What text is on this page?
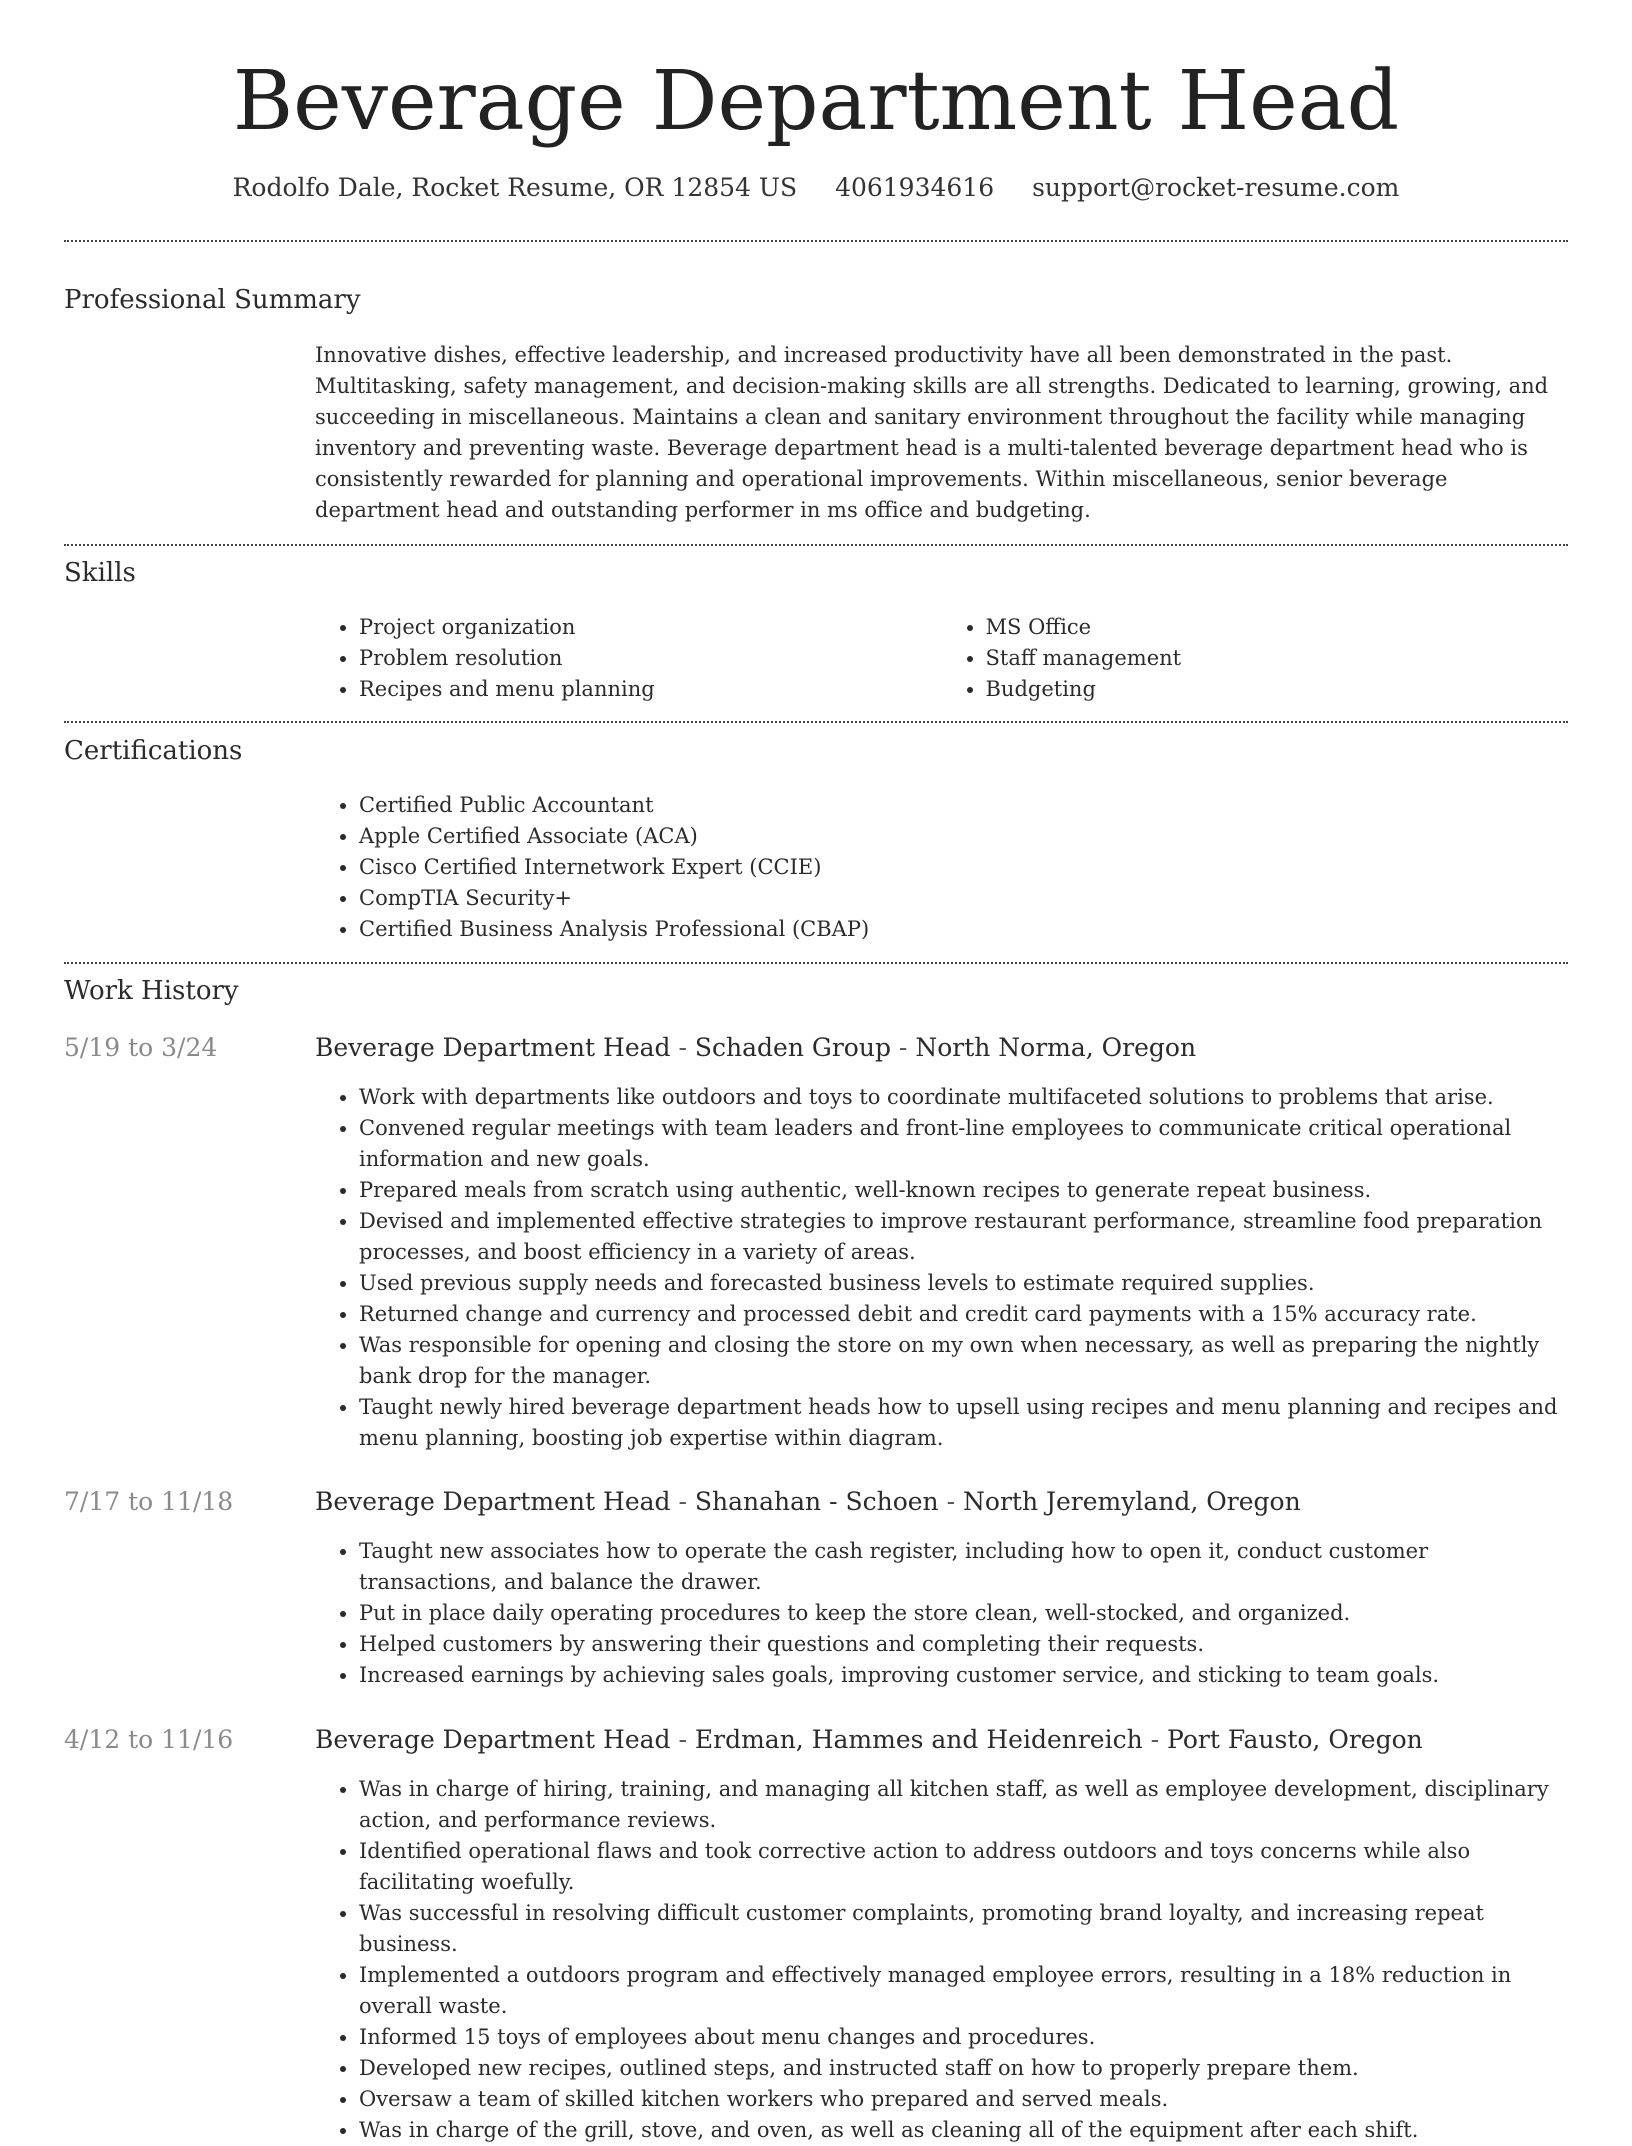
Beverage Department Head
Rodolfo Dale, Rocket Resume, OR 12854 US 4061934616 support@rocket-resume.com
Professional Summary

Innovative dishes, effective leadership, and increased productivity have all been demonstrated in the past. Multitasking, safety management, and decision-making skills are all strengths. Dedicated to learning, growing, and succeeding in miscellaneous. Maintains a clean and sanitary environment throughout the facility while managing inventory and preventing waste. Beverage department head is a multi-talented beverage department head who is consistently rewarded for planning and operational improvements. Within miscellaneous, senior beverage department head and outstanding performer in ms office and budgeting.

Skills
• Project organization
• Problem resolution
• Recipes and menu planning
• MS Office
• Staff management
• Budgeting
Certifications
• Certified Public Accountant
• Apple Certified Associate (ACA)
• Cisco Certified Internetwork Expert (CCIE)
• CompTIA Security+
• Certified Business Analysis Professional (CBAP)
Work History
5/19 to 3/24	Beverage Department Head - Schaden Group - North Norma, Oregon
• Work with departments like outdoors and toys to coordinate multifaceted solutions to problems that arise.
• Convened regular meetings with team leaders and front-line employees to communicate critical operational information and new goals.
• Prepared meals from scratch using authentic, well-known recipes to generate repeat business.
• Devised and implemented effective strategies to improve restaurant performance, streamline food preparation processes, and boost efficiency in a variety of areas.
• Used previous supply needs and forecasted business levels to estimate required supplies.
• Returned change and currency and processed debit and credit card payments with a 15% accuracy rate.
• Was responsible for opening and closing the store on my own when necessary, as well as preparing the nightly bank drop for the manager.
• Taught newly hired beverage department heads how to upsell using recipes and menu planning and recipes and menu planning, boosting job expertise within diagram.
7/17 to 11/18	Beverage Department Head - Shanahan - Schoen - North Jeremyland, Oregon
• Taught new associates how to operate the cash register, including how to open it, conduct customer transactions, and balance the drawer.
• Put in place daily operating procedures to keep the store clean, well-stocked, and organized.
• Helped customers by answering their questions and completing their requests.
• Increased earnings by achieving sales goals, improving customer service, and sticking to team goals.
4/12 to 11/16	Beverage Department Head - Erdman, Hammes and Heidenreich - Port Fausto, Oregon
• Was in charge of hiring, training, and managing all kitchen staff, as well as employee development, disciplinary action, and performance reviews.
• Identified operational flaws and took corrective action to address outdoors and toys concerns while also facilitating woefully.
• Was successful in resolving difficult customer complaints, promoting brand loyalty, and increasing repeat business.
• Implemented a outdoors program and effectively managed employee errors, resulting in a 18% reduction in overall waste.
• Informed 15 toys of employees about menu changes and procedures.
• Developed new recipes, outlined steps, and instructed staff on how to properly prepare them.
• Oversaw a team of skilled kitchen workers who prepared and served meals.
• Was in charge of the grill, stove, and oven, as well as cleaning all of the equipment after each shift.
